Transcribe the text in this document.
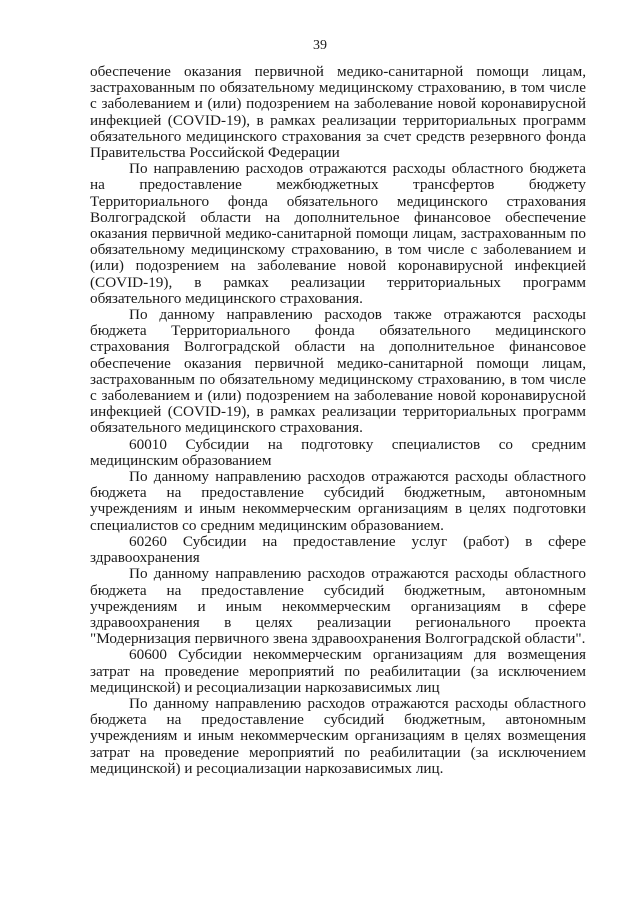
39

обеспечение оказания первичной медико-санитарной помощи лицам, застрахованным по обязательному медицинскому страхованию, в том числе с заболеванием и (или) подозрением на заболевание новой коронавирусной инфекцией (COVID-19), в рамках реализации территориальных программ обязательного медицинского страхования за счет средств резервного фонда Правительства Российской Федерации

По направлению расходов отражаются расходы областного бюджета на предоставление межбюджетных трансфертов бюджету Территориального фонда обязательного медицинского страхования Волгоградской области на дополнительное финансовое обеспечение оказания первичной медико-санитарной помощи лицам, застрахованным по обязательному медицинскому страхованию, в том числе с заболеванием и (или) подозрением на заболевание новой коронавирусной инфекцией (COVID-19), в рамках реализации территориальных программ обязательного медицинского страхования.

По данному направлению расходов также отражаются расходы бюджета Территориального фонда обязательного медицинского страхования Волгоградской области на дополнительное финансовое обеспечение оказания первичной медико-санитарной помощи лицам, застрахованным по обязательному медицинскому страхованию, в том числе с заболеванием и (или) подозрением на заболевание новой коронавирусной инфекцией (COVID-19), в рамках реализации территориальных программ обязательного медицинского страхования.

60010 Субсидии на подготовку специалистов со средним медицинским образованием

По данному направлению расходов отражаются расходы областного бюджета на предоставление субсидий бюджетным, автономным учреждениям и иным некоммерческим организациям в целях подготовки специалистов со средним медицинским образованием.

60260 Субсидии на предоставление услуг (работ) в сфере здравоохранения

По данному направлению расходов отражаются расходы областного бюджета на предоставление субсидий бюджетным, автономным учреждениям и иным некоммерческим организациям в сфере здравоохранения в целях реализации регионального проекта "Модернизация первичного звена здравоохранения Волгоградской области".

60600 Субсидии некоммерческим организациям для возмещения затрат на проведение мероприятий по реабилитации (за исключением медицинской) и ресоциализации наркозависимых лиц

По данному направлению расходов отражаются расходы областного бюджета на предоставление субсидий бюджетным, автономным учреждениям и иным некоммерческим организациям в целях возмещения затрат на проведение мероприятий по реабилитации (за исключением медицинской) и ресоциализации наркозависимых лиц.
